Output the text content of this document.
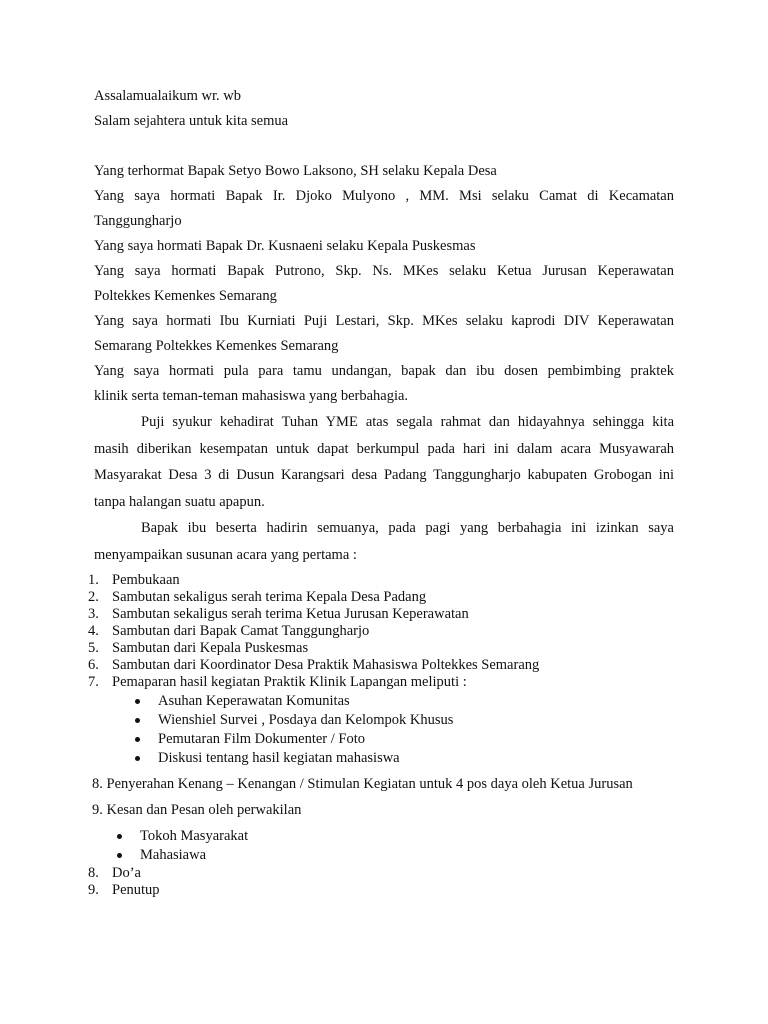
Assalamualaikum wr. wb

Salam sejahtera untuk kita semua

Yang terhormat Bapak Setyo Bowo Laksono, SH selaku Kepala Desa

Yang saya hormati Bapak Ir. Djoko Mulyono , MM. Msi selaku Camat di Kecamatan

Tanggungharjo

Yang saya hormati Bapak Dr. Kusnaeni selaku Kepala Puskesmas

Yang saya hormati Bapak Putrono, Skp. Ns. MKes selaku Ketua Jurusan Keperawatan

Poltekkes Kemenkes Semarang

Yang saya hormati Ibu Kurniati Puji Lestari, Skp. MKes selaku kaprodi DIV Keperawatan

Semarang Poltekkes Kemenkes Semarang

Yang saya hormati pula para tamu undangan, bapak dan ibu dosen pembimbing praktek

klinik serta teman-teman mahasiswa yang berbahagia.

Puji syukur kehadirat Tuhan YME atas segala rahmat dan hidayahnya sehingga kita

masih diberikan kesempatan untuk dapat berkumpul pada hari ini dalam acara Musyawarah

Masyarakat Desa 3 di Dusun Karangsari desa Padang Tanggungharjo kabupaten Grobogan ini

tanpa halangan suatu apapun.

Bapak ibu beserta hadirin semuanya, pada pagi yang berbahagia ini izinkan saya

menyampaikan susunan acara yang pertama :

1. Pembukaan
2. Sambutan sekaligus serah terima Kepala Desa Padang
3. Sambutan sekaligus serah terima Ketua Jurusan Keperawatan
4. Sambutan dari Bapak Camat Tanggungharjo
5. Sambutan dari Kepala Puskesmas
6. Sambutan dari Koordinator Desa Praktik Mahasiswa Poltekkes Semarang
7. Pemaparan hasil kegiatan Praktik Klinik Lapangan meliputi :
Asuhan Keperawatan Komunitas
Wienshiel Survei , Posdaya dan Kelompok Khusus
Pemutaran Film Dokumenter / Foto
Diskusi tentang hasil kegiatan mahasiswa

8. Penyerahan Kenang – Kenangan / Stimulan Kegiatan untuk 4 pos daya oleh Ketua Jurusan

9. Kesan dan Pesan oleh perwakilan

Tokoh Masyarakat
Mahasiawa
8. Do’a
9. Penutup
